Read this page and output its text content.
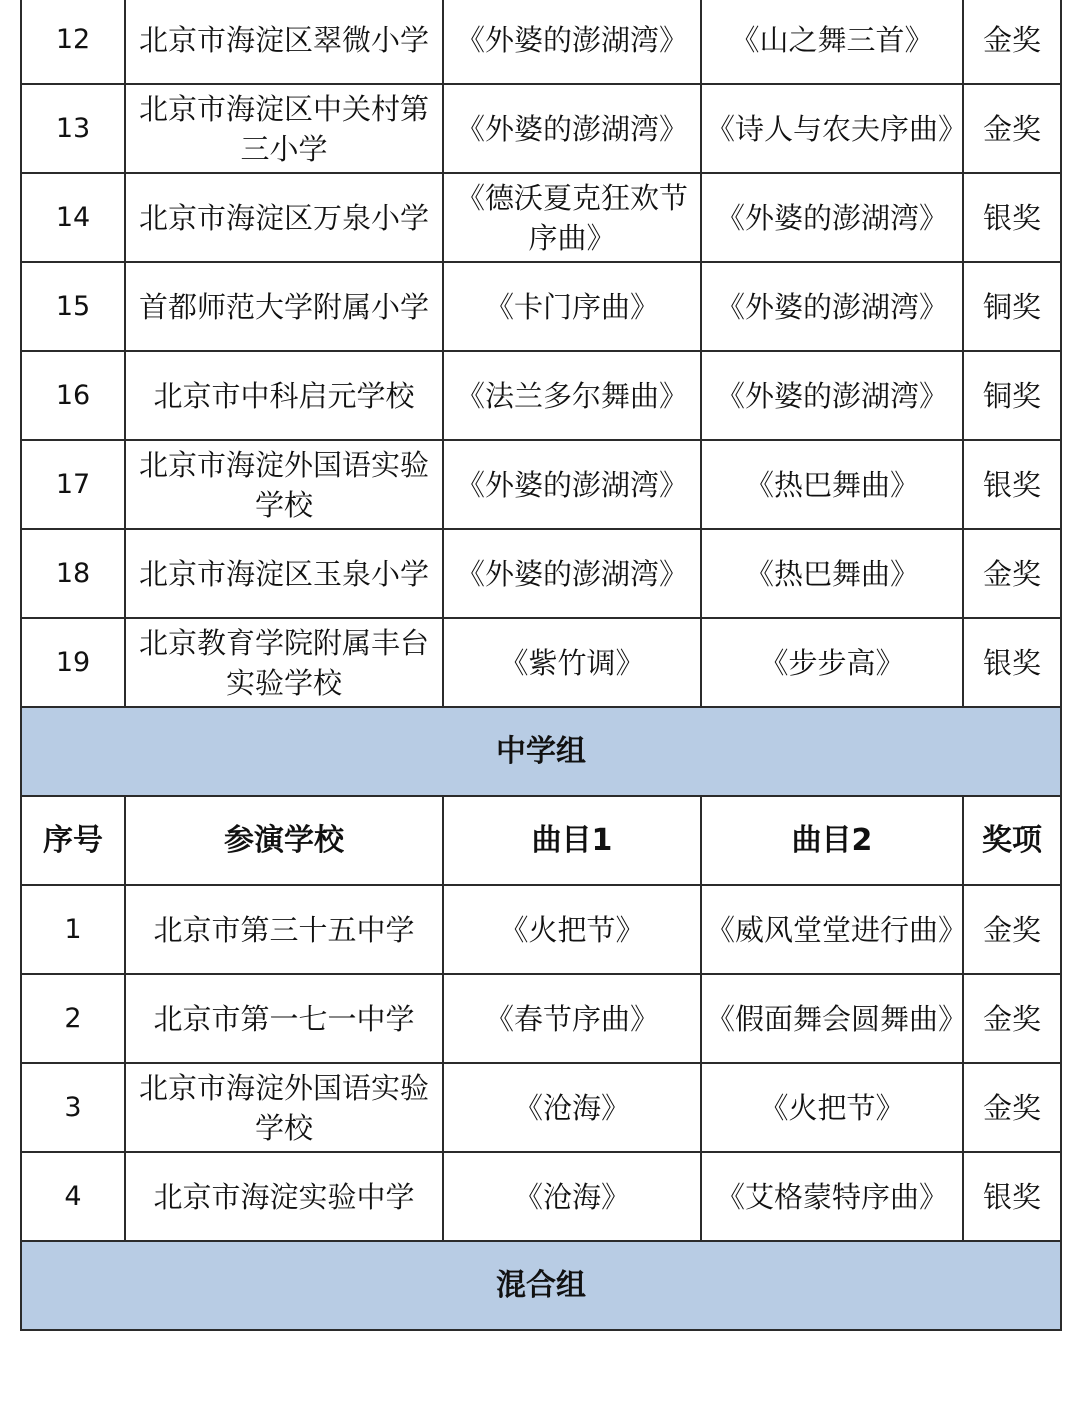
12	北京市海淀区翠微小学	《外婆的澎湖湾》	《山之舞三首》	金奖
13	北京市海淀区中关村第三小学	《外婆的澎湖湾》	《诗人与农夫序曲》	金奖
14	北京市海淀区万泉小学	《德沃夏克狂欢节序曲》	《外婆的澎湖湾》	银奖
15	首都师范大学附属小学	《卡门序曲》	《外婆的澎湖湾》	铜奖
16	北京市中科启元学校	《法兰多尔舞曲》	《外婆的澎湖湾》	铜奖
17	北京市海淀外国语实验学校	《外婆的澎湖湾》	《热巴舞曲》	银奖
18	北京市海淀区玉泉小学	《外婆的澎湖湾》	《热巴舞曲》	金奖
19	北京教育学院附属丰台实验学校	《紫竹调》	《步步高》	银奖
中学组				
序号	参演学校	曲目1	曲目2	奖项
1	北京市第三十五中学	《火把节》	《威风堂堂进行曲》	金奖
2	北京市第一七一中学	《春节序曲》	《假面舞会圆舞曲》	金奖
3	北京市海淀外国语实验学校	《沧海》	《火把节》	金奖
4	北京市海淀实验中学	《沧海》	《艾格蒙特序曲》	银奖
混合组				
